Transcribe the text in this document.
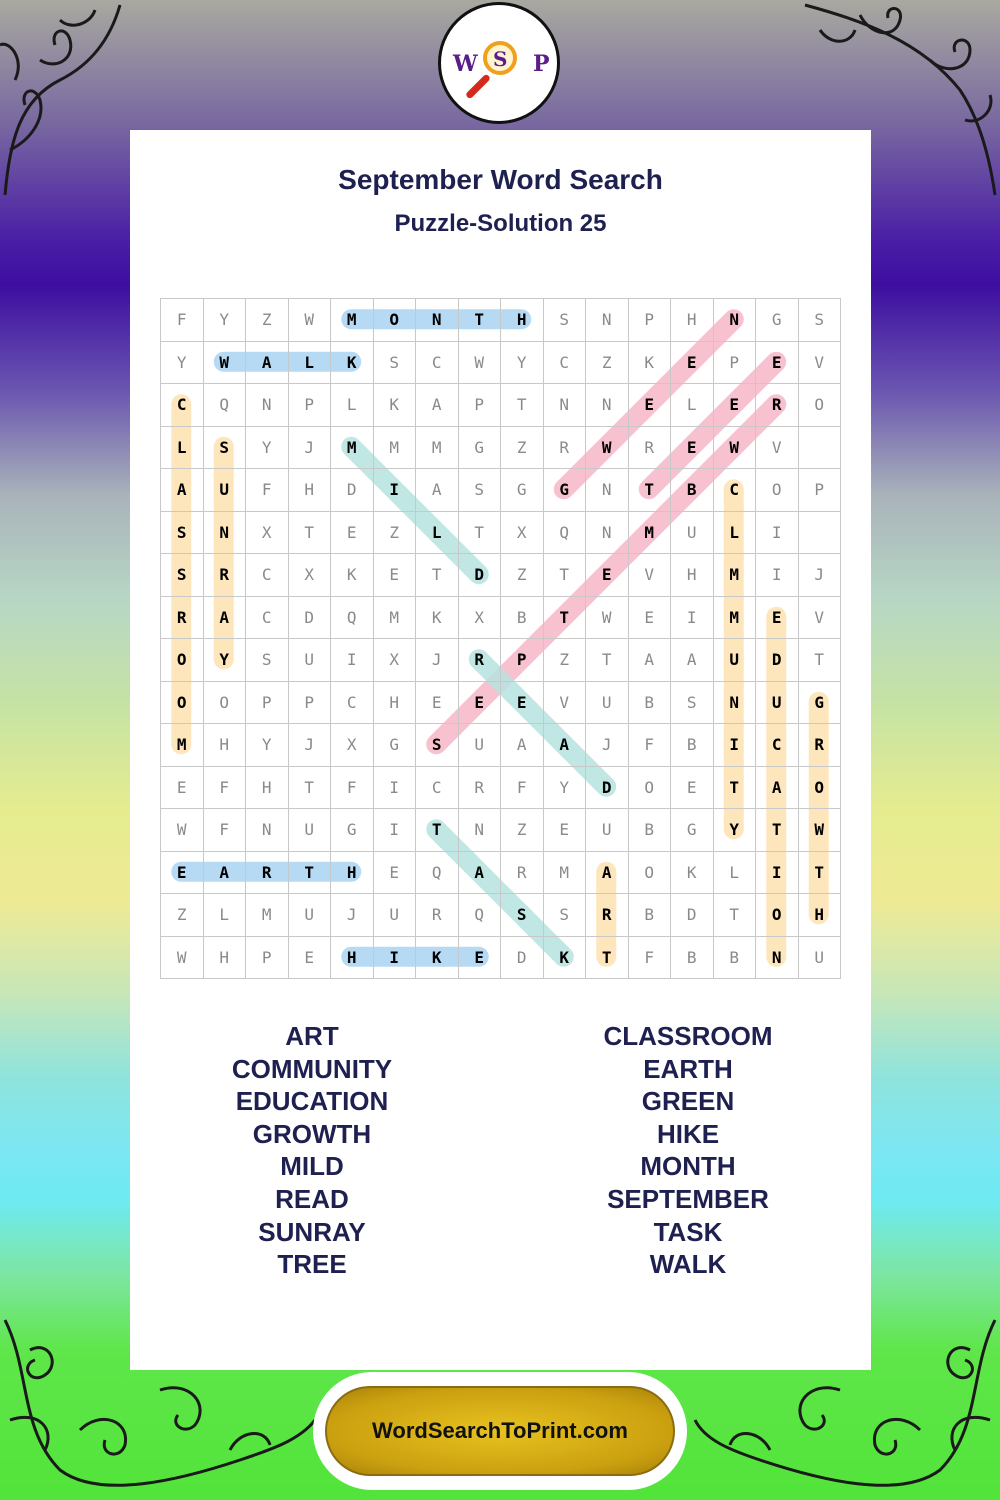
W S P
September Word Search
Puzzle-Solution 25
F	Y	Z	W	M	O	N	T	H	S	N	P	H	N	G	S
Y	W	A	L	K	S	C	W	Y	C	Z	K	E	P	E	V
C	Q	N	P	L	K	A	P	T	N	N	E	L	E	R	O
L	S	Y	J	M	M	M	G	Z	R	W	R	E	W	V
A	U	F	H	D	I	A	S	G	G	N	T	B	C	O	P
S	N	X	T	E	Z	L	T	X	Q	N	M	U	L	I
S	R	C	X	K	E	T	D	Z	T	E	V	H	M	I	J
R	A	C	D	Q	M	K	X	B	T	W	E	I	M	E	V
O	Y	S	U	I	X	J	R	P	Z	T	A	A	U	D	T
O	O	P	P	C	H	E	E	E	V	U	B	S	N	U	G
M	H	Y	J	X	G	S	U	A	A	J	F	B	I	C	R
E	F	H	T	F	I	C	R	F	Y	D	O	E	T	A	O
W	F	N	U	G	I	T	N	Z	E	U	B	G	Y	T	W
E	A	R	T	H	E	Q	A	R	M	A	O	K	L	I	T
Z	L	M	U	J	U	R	Q	S	S	R	B	D	T	O	H
W	H	P	E	H	I	K	E	D	K	T	F	B	B	N	U
ART
COMMUNITY
EDUCATION
GROWTH
MILD
READ
SUNRAY
TREE
CLASSROOM
EARTH
GREEN
HIKE
MONTH
SEPTEMBER
TASK
WALK
WordSearchToPrint.com
